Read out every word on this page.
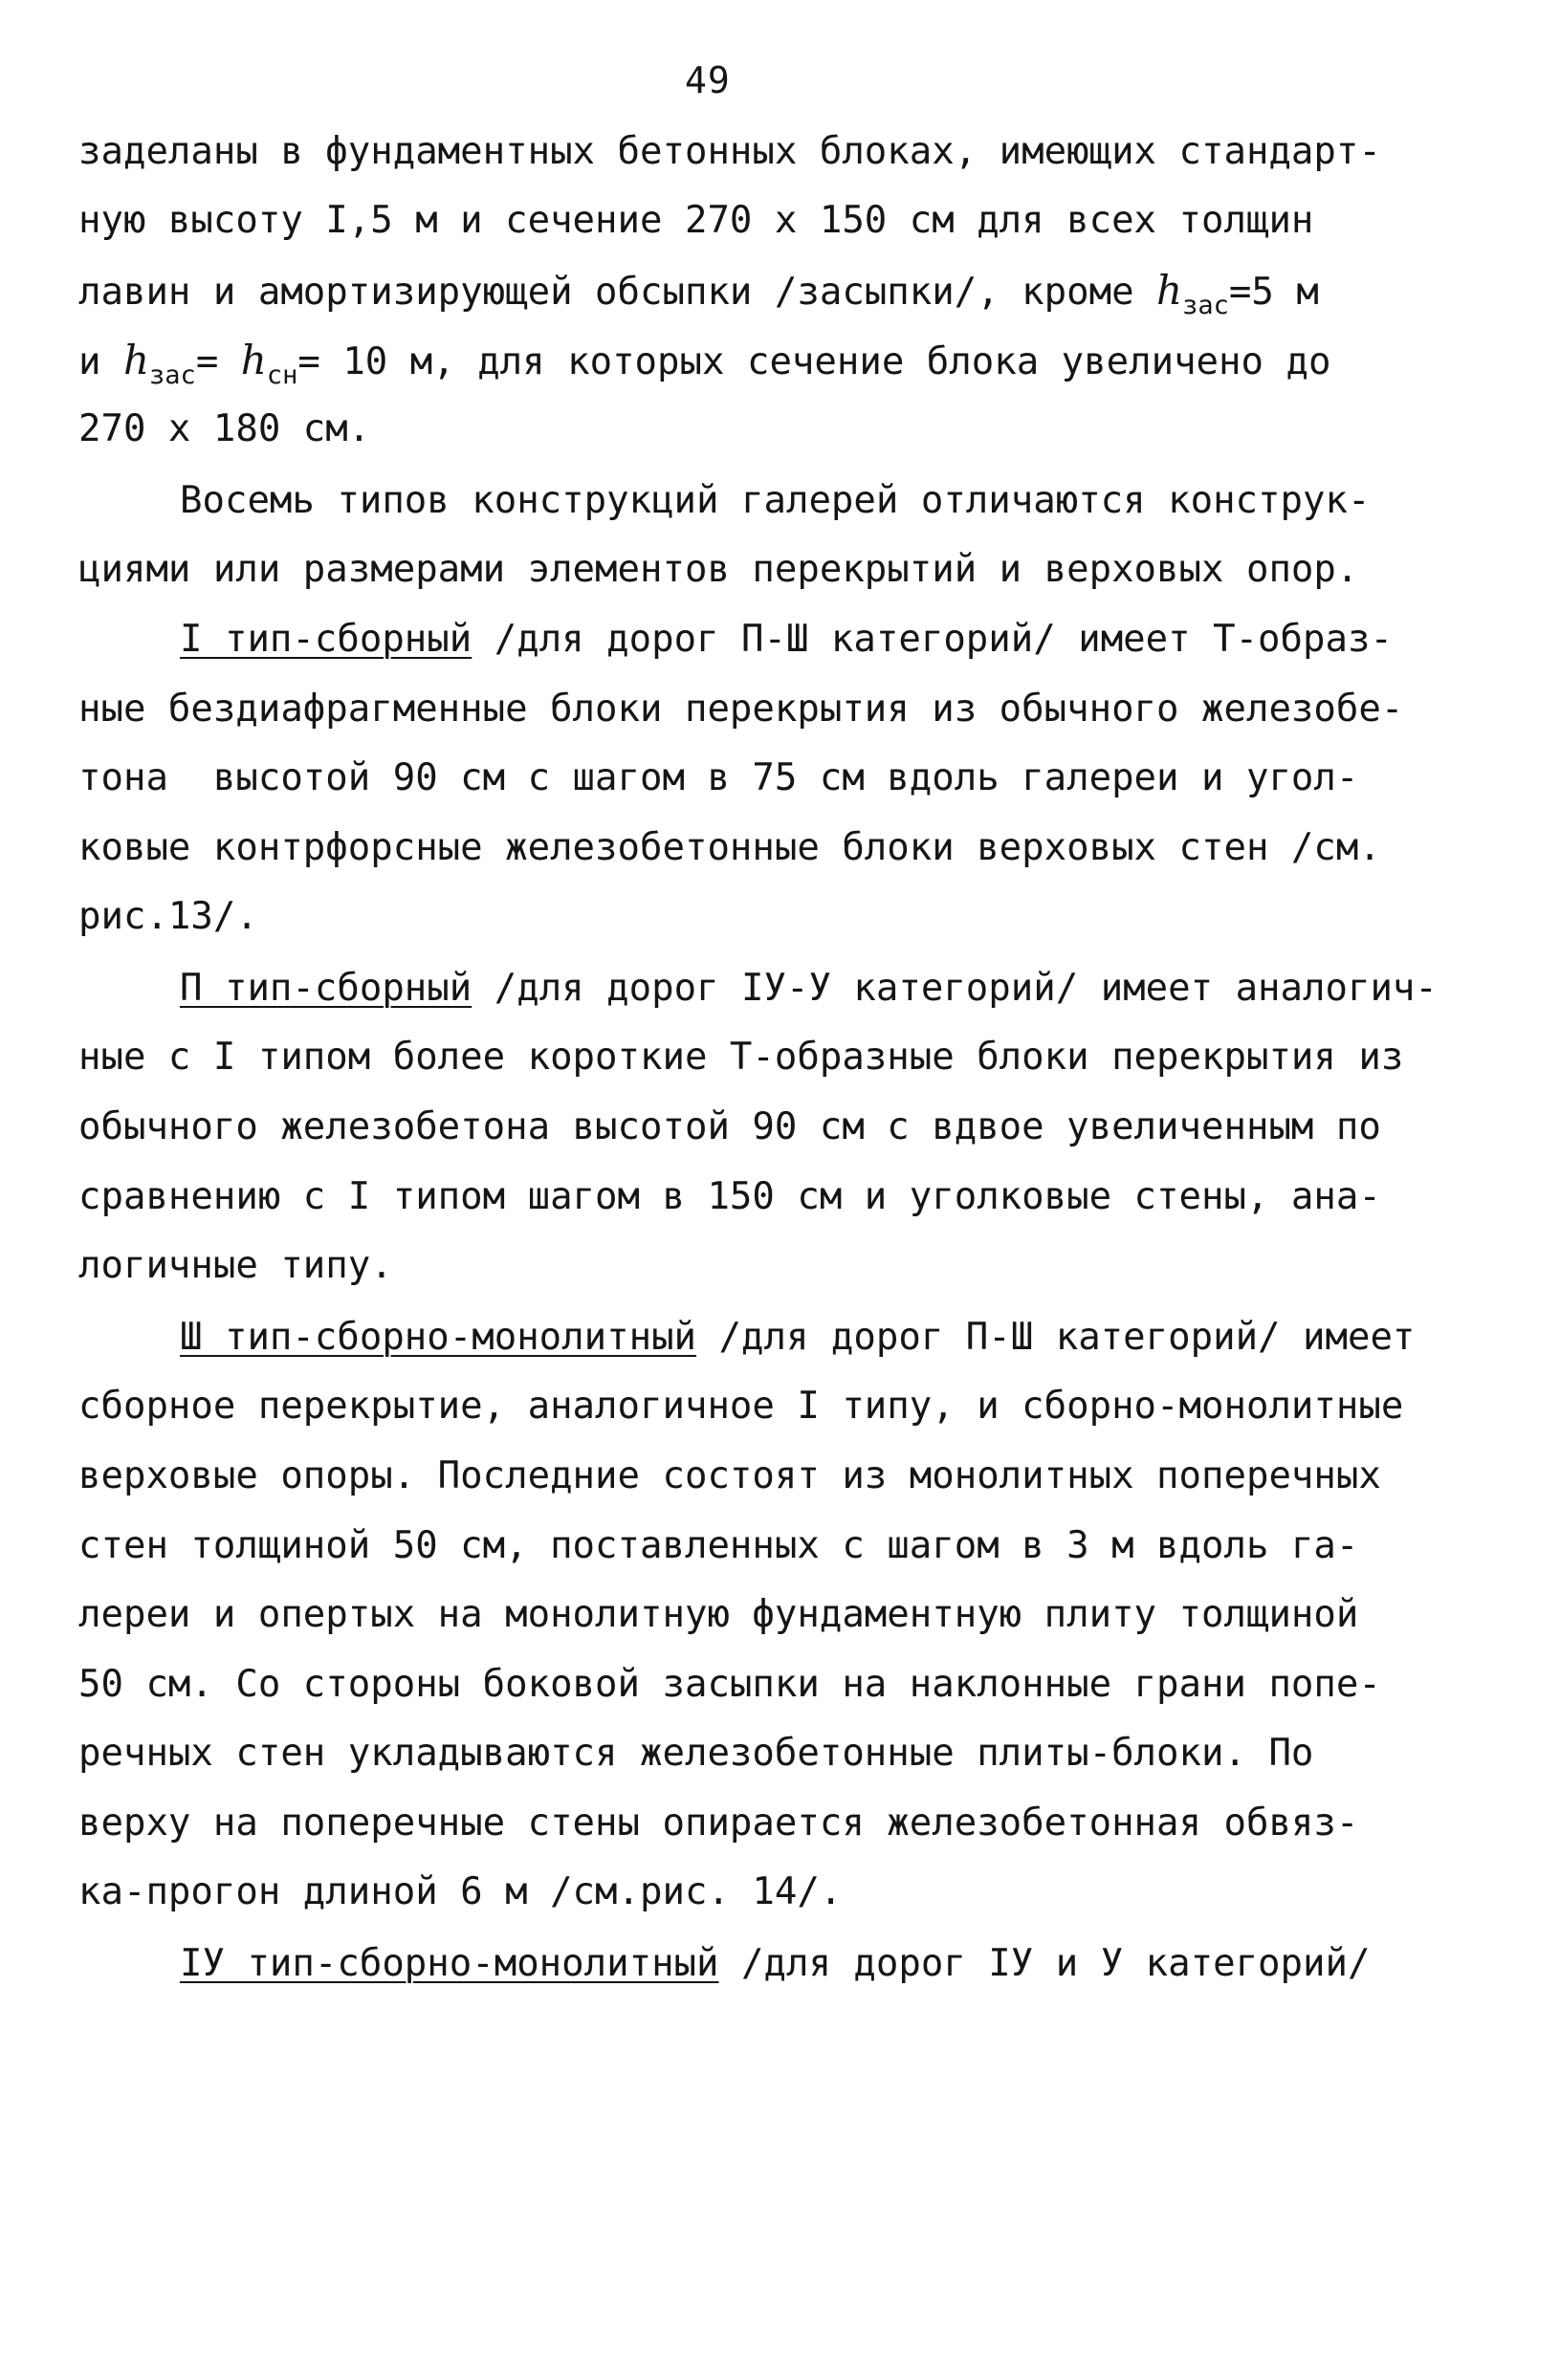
49
заделаны в фундаментных бетонных блоках, имеющих стандарт-
ную высоту I,5 м и сечение 270 х 150 см для всех толщин
лавин и амортизирующей обсыпки /засыпки/, кроме $h_{зас}=5$ м
и $h_{зас}= h_{сн}= 10$ м, для которых сечение блока увеличено до
270 х 180 см.
Восемь типов конструкций галерей отличаются конструк-
циями или размерами элементов перекрытий и верховых опор.
I тип-сборный /для дорог П-Ш категорий/ имеет Т-образ-
ные бездиафрагменные блоки перекрытия из обычного железобе-
тона  высотой 90 см с шагом в 75 см вдоль галереи и угол-
ковые контрфорсные железобетонные блоки верховых стен /см.
рис.13/.
П тип-сборный /для дорог IУ-У категорий/ имеет аналогич-
ные с I типом более короткие Т-образные блоки перекрытия из
обычного железобетона высотой 90 см с вдвое увеличенным по
сравнению с I типом шагом в 150 см и уголковые стены, ана-
логичные типу.
Ш тип-сборно-монолитный /для дорог П-Ш категорий/ имеет
сборное перекрытие, аналогичное I типу, и сборно-монолитные
верховые опоры. Последние состоят из монолитных поперечных
стен толщиной 50 см, поставленных с шагом в 3 м вдоль га-
лереи и опертых на монолитную фундаментную плиту толщиной
50 см. Со стороны боковой засыпки на наклонные грани попе-
речных стен укладываются железобетонные плиты-блоки. По
верху на поперечные стены опирается железобетонная обвяз-
ка-прогон длиной 6 м /см.рис. 14/.
IУ тип-сборно-монолитный /для дорог IУ и У категорий/
